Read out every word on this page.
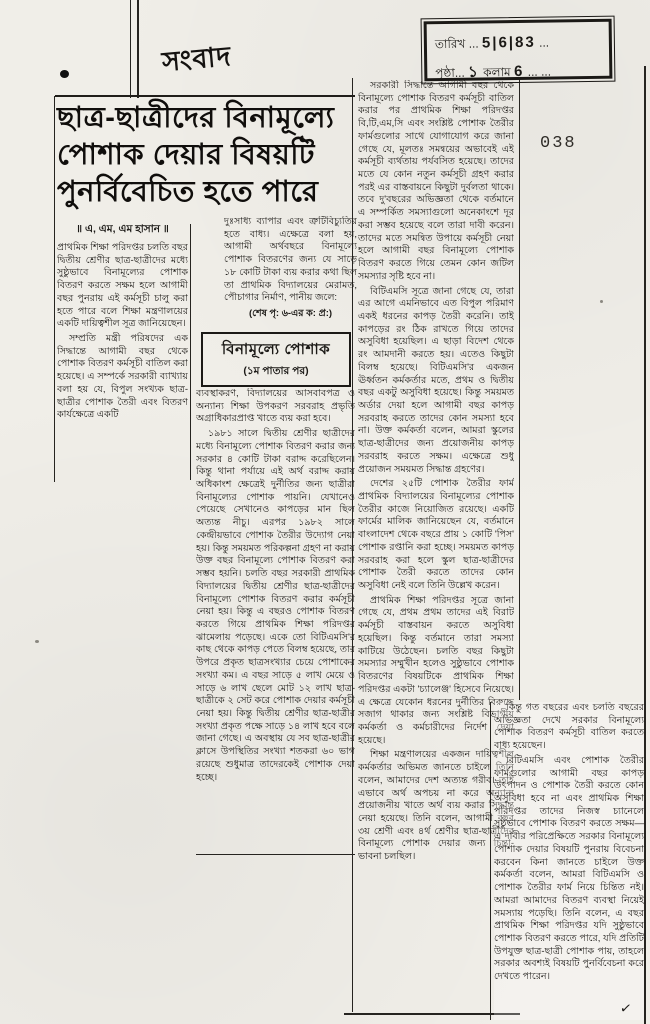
সংবাদ	তারিখ ... 5|6|83 ...
পৃষ্ঠা... ১ কলাম 6 ... ...
038
ছাত্র-ছাত্রীদের বিনামূল্যে পোশাক দেয়ার বিষয়টি পুনর্বিবেচিত হতে পারে
॥ এ, এম, এম হাসান ॥

প্রাথমিক শিক্ষা পরিদপ্তর চলতি বছর দ্বিতীয় শ্রেণীর ছাত্র-ছাত্রীদের মধ্যে সুষ্ঠুভাবে বিনামূল্যের পোশাক বিতরণ করতে সক্ষম হলে আগামী বছর পুনরায় এই কর্মসূচী চালু করা হতে পারে বলে শিক্ষা মন্ত্রণালয়ের একটি দায়িত্বশীল সূত্র জানিয়েছেন।

সম্প্রতি মন্ত্রী পরিষদের এক সিদ্ধান্তে আগামী বছর থেকে পোশাক বিতরণ কর্মসূচী বাতিল করা হয়েছে। এ সম্পর্কে সরকারী ব্যাখ্যায় বলা হয় যে, বিপুল সংখ্যক ছাত্র-ছাত্রীর পোশাক তৈরী এবং বিতরণ কার্যক্ষেত্রে একটি

দুঃসাধ্য ব্যাপার এবং ত্রুটিবিচ্যুতির হতে বাধ্য। এক্ষেত্রে বলা হয়, আগামী অর্থবছরে বিনামূল্যে পোশাক বিতরণের জন্য যে সাড়ে ১৮ কোটি টাকা ব্যয় করার কথা ছিল তা প্রাথমিক বিদ্যালয়ের মেরামত, পৌচাগার নির্মাণ, পানীয় জলে:

(শেষ পৃ: ৬-এর ক: প্র:)
বিনামূল্যে পোশাক
(১ম পাতার পর)

ব্যবস্থাকরণ, বিদ্যালয়ের আসবাবপত্র ও অন্যান্য শিক্ষা উপকরণ সরবরাহ প্রভৃতি অগ্রাধিকারপ্রাপ্ত খাতে ব্যয় করা হবে।

১৯৮১ সালে দ্বিতীয় শ্রেণীর ছাত্রীদের মধ্যে বিনামূল্যে পোশাক বিতরণ করার জন্য সরকার ৪ কোটি টাকা বরাদ্দ করেছিলেন। কিন্তু থানা পর্যায়ে এই অর্থ বরাদ্দ করায় অধিকাংশ ক্ষেত্রেই দুর্নীতির জন্য ছাত্রীরা বিনামূল্যের পোশাক পায়নি। যেখানেও পেয়েছে সেখানেও কাপড়ের মান ছিল অত্যন্ত নীচু। এরপর ১৯৮২ সালে কেন্দ্রীয়ভাবে পোশাক তৈরীর উদ্যোগ নেয়া হয়। কিন্তু সময়মত পরিকল্পনা গ্রহণ না করায় উক্ত বছর বিনামূল্যে পোশাক বিতরণ করা সম্ভব হয়নি। চলতি বছর সরকারী প্রাথমিক বিদ্যালয়ের দ্বিতীয় শ্রেণীর ছাত্র-ছাত্রীদের বিনামূল্যে পোশাক বিতরণ করার কর্মসূচী নেয়া হয়। কিন্তু এ বছরও পোশাক বিতরণ করতে গিয়ে প্রাথমিক শিক্ষা পরিদপ্তর ঝামেলায় পড়েছে। একে তো বিটিএমসি'র কাছ থেকে কাপড় পেতে বিলম্ব হয়েছে, তার উপরে প্রকৃত ছাত্রসংখ্যার চেয়ে পোশাকের সংখ্যা কম। এ বছর সাড়ে ৫ লাখ মেয়ে ও সাড়ে ৬ লাখ ছেলে মোট ১২ লাখ ছাত্র-ছাত্রীকে ২ সেট করে পোশাক দেয়ার কর্মসূচী নেয়া হয়। কিন্তু দ্বিতীয় শ্রেণীর ছাত্র-ছাত্রীর সংখ্যা প্রকৃত পক্ষে সাড়ে ১৪ লাখ হবে বলে জানা গেছে। এ অবস্থায় যে সব ছাত্র-ছাত্রীর ক্লাসে উপস্থিতির সংখ্যা শতকরা ৬০ ভাগ রয়েছে শুধুমাত্র তাদেরকেই পোশাক দেয়া হচ্ছে।

সরকারী সিদ্ধান্তে আগামী বছর থেকে বিনামূল্যে পোশাক বিতরণ কর্মসূচী বাতিল করার পর প্রাথমিক শিক্ষা পরিদপ্তর বি,টি,এম,সি এবং সংশ্লিষ্ট পোশাক তৈরীর ফার্মগুলোর সাথে যোগাযোগ করে জানা গেছে যে, মূলতঃ সমন্বয়ের অভাবেই এই কর্মসূচী ব্যর্থতায় পর্যবসিত হয়েছে। তাদের মতে যে কোন নতুন কর্মসূচী গ্রহণ করার পরই এর বাস্তবায়নে কিছুটা দুর্বলতা থাকে। তবে দু'বছরের অভিজ্ঞতা থেকে বর্তমানে এ সম্পর্কিত সমস্যাগুলো অনেকাংশে দূর করা সম্ভব হয়েছে বলে তারা দাবী করেন। তাদের মতে সমন্বিত উপায়ে কর্মসূচী নেয়া হলে আগামী বছর বিনামূল্যে পোশাক বিতরণ করতে গিয়ে তেমন কোন জটিল সমস্যার সৃষ্টি হবে না।

বিটিএমসি সূত্রে জানা গেছে যে, তারা এর আগে এমনিভাবে এত বিপুল পরিমাণ একই ধরনের কাপড় তৈরী করেনি। তাই কাপড়ের রং ঠিক রাখতে গিয়ে তাদের অসুবিধা হয়েছিল। এ ছাড়া বিদেশ থেকে রং আমদানী করতে হয়। এতেও কিছুটা বিলম্ব হয়েছে। বিটিএমসি'র একজন ঊর্ধ্বতন কর্মকর্তার মতে, প্রথম ও দ্বিতীয় বছর একটু অসুবিধা হয়েছে। কিন্তু সময়মত অর্ডার দেয়া হলে আগামী বছর কাপড় সরবরাহ করতে তাদের কোন সমস্যা হবে না। উক্ত কর্মকর্তা বলেন, আমরা স্কুলের ছাত্র-ছাত্রীদের জন্য প্রয়োজনীয় কাপড় সরবরাহ করতে সক্ষম। এক্ষেত্রে শুধু প্রয়োজন সময়মত সিদ্ধান্ত গ্রহণের।

দেশের ২৫টি পোশাক তৈরীর ফার্ম প্রাথমিক বিদ্যালয়ের বিনামূল্যের পোশাক তৈরীর কাজে নিয়োজিত রয়েছে। একটি ফার্মের মালিক জানিয়েছেন যে, বর্তমানে বাংলাদেশ থেকে বছরে প্রায় ১ কোটি 'পিস' পোশাক রপ্তানি করা হচ্ছে। সময়মত কাপড় সরবরাহ করা হলে স্কুল ছাত্র-ছাত্রীদের পোশাক তৈরী করতে তাদের কোন অসুবিধা নেই বলে তিনি উল্লেখ করেন।

প্রাথমিক শিক্ষা পরিদপ্তর সূত্রে জানা গেছে যে, প্রথম প্রথম তাদের এই বিরাট কর্মসূচী বাস্তবায়ন করতে অসুবিধা হয়েছিল। কিন্তু বর্তমানে তারা সমস্যা কাটিয়ে উঠেছেন। চলতি বছর কিছুটা সমস্যার সম্মুখীন হলেও সুষ্ঠুভাবে পোশাক বিতরণের বিষয়টিকে প্রাথমিক শিক্ষা পরিদপ্তর একটা 'চ্যালেঞ্জ' হিসেবে নিয়েছে। এ ক্ষেত্রে যেকোন ধরনের দুর্নীতির বিরুদ্ধে সজাগ থাকার জন্য সংশ্লিষ্ট বিভাগীয় কর্মকর্তা ও কর্মচারীদের নির্দেশ দেয়া হয়েছে।

শিক্ষা মন্ত্রণালয়ের একজন দায়িত্বশীল কর্মকর্তার অভিমত জানতে চাইলে তিনি বলেন, আমাদের দেশ অত্যন্ত গরীব। তাই এভাবে অর্থ অপচয় না করে অন্যান্য প্রয়োজনীয় খাতে অর্থ ব্যয় করার সিদ্ধান্ত নেয়া হয়েছে। তিনি বলেন, আগামী বছর ৩য় শ্রেণী এবং ৪র্থ শ্রেণীর ছাত্র-ছাত্রীদের বিনামূল্যে পোশাক দেয়ার জন্য চিন্তা-ভাবনা চলছিল।

কিন্তু গত বছরের এবং চলতি বছরের অভিজ্ঞতা দেখে সরকার বিনামূল্যে পোশাক বিতরণ কর্মসূচী বাতিল করতে বাধ্য হয়েছেন।

বিটিএমসি এবং পোশাক তৈরীর ফার্মগুলোর আগামী বছর কাপড় উৎপাদন ও পোশাক তৈরী করতে কোন অসুবিধা হবে না এবং প্রাথমিক শিক্ষা পরিদপ্তর তাদের নিজস্ব চ্যানেলে সুষ্ঠুভাবে পোশাক বিতরণ করতে সক্ষম—এ দাবীর পরিপ্রেক্ষিতে সরকার বিনামূল্যে পোশাক দেয়ার বিষয়টি পুনরায় বিবেচনা করবেন কিনা জানতে চাইলে উক্ত কর্মকর্তা বলেন, আমরা বিটিএমসি ও পোশাক তৈরীর ফার্ম নিয়ে চিন্তিত নই। আমরা আমাদের বিতরণ ব্যবস্থা নিয়েই সমস্যায় পড়েছি। তিনি বলেন, এ বছর প্রাথমিক শিক্ষা পরিদপ্তর যদি সুষ্ঠুভাবে পোশাক বিতরণ করতে পারে, যদি প্রতিটি উপযুক্ত ছাত্র-ছাত্রী পোশাক পায়, তাহলে সরকার অবশ্যই বিষয়টি পুনর্বিবেচনা করে দেখতে পারেন।

✓
